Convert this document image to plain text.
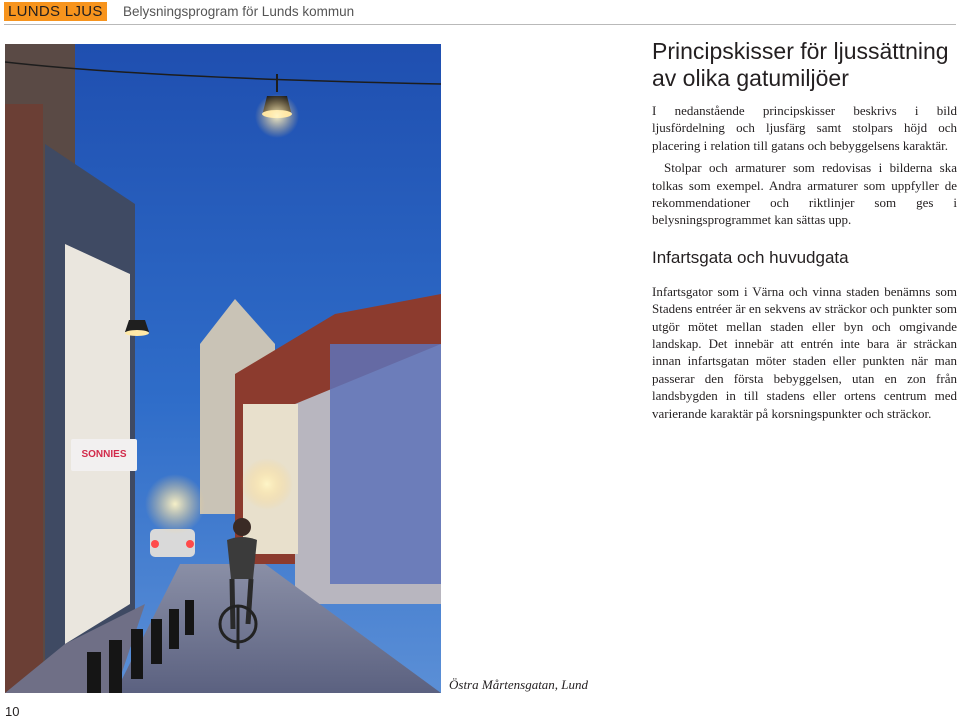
LUNDS LJUS Belysningsprogram för Lunds kommun
SONNIES
Östra Mårtensgatan, Lund
10
Principskisser för ljussättning av olika gatumiljöer

I nedanstående principskisser beskrivs i bild ljusfördelning och ljusfärg samt stolpars höjd och placering i relation till gatans och bebyggelsens karaktär.

Stolpar och armaturer som redovisas i bilderna ska tolkas som exempel. Andra armaturer som uppfyller de rekommendationer och riktlinjer som ges i belysningsprogrammet kan sättas upp.

Infartsgata och huvudgata

Infartsgator som i Värna och vinna staden benämns som Stadens entréer är en sekvens av sträckor och punkter som utgör mötet mellan staden eller byn och omgivande landskap. Det innebär att entrén inte bara är sträckan innan infartsgatan möter staden eller punkten när man passerar den första bebyggelsen, utan en zon från landsbygden in till stadens eller ortens centrum med varierande karaktär på korsningspunkter och sträckor.
